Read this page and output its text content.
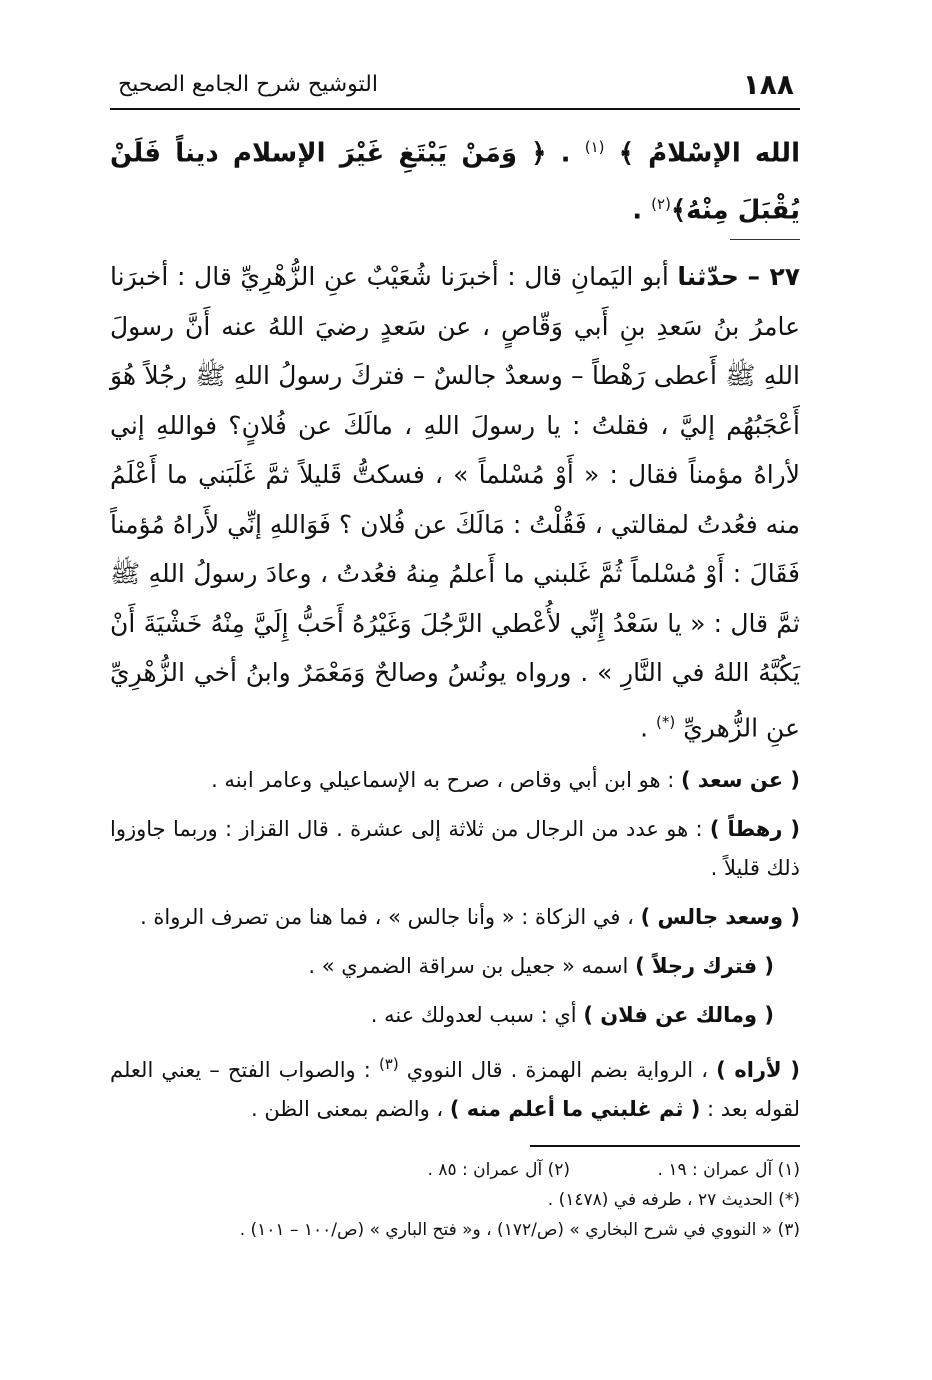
١٨٨
التوشيح شرح الجامع الصحيح
الله الإسْلامُ ﴾ $^{(١)}$ . ﴿ وَمَنْ يَبْتَغِ غَيْرَ الإسلام ديناً فَلَنْ يُقْبَلَ مِنْهُ﴾$^{(٢)}$ .
٢٧ – حدّثنا أبو اليَمانِ قال : أخبرَنا شُعَيْبٌ عنِ الزُّهْرِيِّ قال : أخبرَنا عامرُ بنُ سَعدِ بنِ أَبي وَقّاصٍ ، عن سَعدٍ رضيَ اللهُ عنه أَنَّ رسولَ اللهِ ﷺ أَعطى رَهْطاً – وسعدٌ جالسٌ – فتركَ رسولُ اللهِ ﷺ رجُلاً هُوَ أَعْجَبُهُم إليَّ ، فقلتُ : يا رسولَ اللهِ ، مالَكَ عن فُلانٍ؟ فواللهِ إني لأراهُ مؤمناً فقال : « أَوْ مُسْلماً » ، فسكتُّ قَليلاً ثمَّ غَلَبَني ما أَعْلَمُ منه فعُدتُ لمقالتي ، فَقُلْتُ : مَالَكَ عن فُلان ؟ فَوَاللهِ إنِّي لأَراهُ مُؤمناً فَقَالَ : أَوْ مُسْلماً ثُمَّ غَلبني ما أَعلمُ مِنهُ فعُدتُ ، وعادَ رسولُ اللهِ ﷺ ثمَّ قال : « يا سَعْدُ إِنِّي لأُعْطي الرَّجُلَ وَغَيْرُهُ أَحَبُّ إِلَيَّ مِنْهُ خَشْيَةَ أَنْ يَكُبَّهُ اللهُ في النَّارِ » . ورواه يونُسُ وصالحٌ وَمَعْمَرٌ وابنُ أخي الزُّهْرِيِّ عنِ الزُّهريِّ (*) .

( عن سعد ) : هو ابن أبي وقاص ، صرح به الإسماعيلي وعامر ابنه .

( رهطاً ) : هو عدد من الرجال من ثلاثة إلى عشرة . قال القزاز : وربما جاوزوا ذلك قليلاً .

( وسعد جالس ) ، في الزكاة : « وأنا جالس » ، فما هنا من تصرف الرواة .

( فترك رجلاً ) اسمه « جعيل بن سراقة الضمري » .

( ومالك عن فلان ) أي : سبب لعدولك عنه .

( لأراه ) ، الرواية بضم الهمزة . قال النووي $^{(٣)}$ : والصواب الفتح – يعني العلم لقوله بعد : ( ثم غلبني ما أعلم منه ) ، والضم بمعنى الظن .

(١) آل عمران : ١٩ .
(٢) آل عمران : ٨٥ .
(*) الحديث ٢٧ ، طرفه في (١٤٧٨) .
(٣) « النووي في شرح البخاري » (ص/١٧٢) ، و« فتح الباري » (ص/١٠٠ – ١٠١) .
